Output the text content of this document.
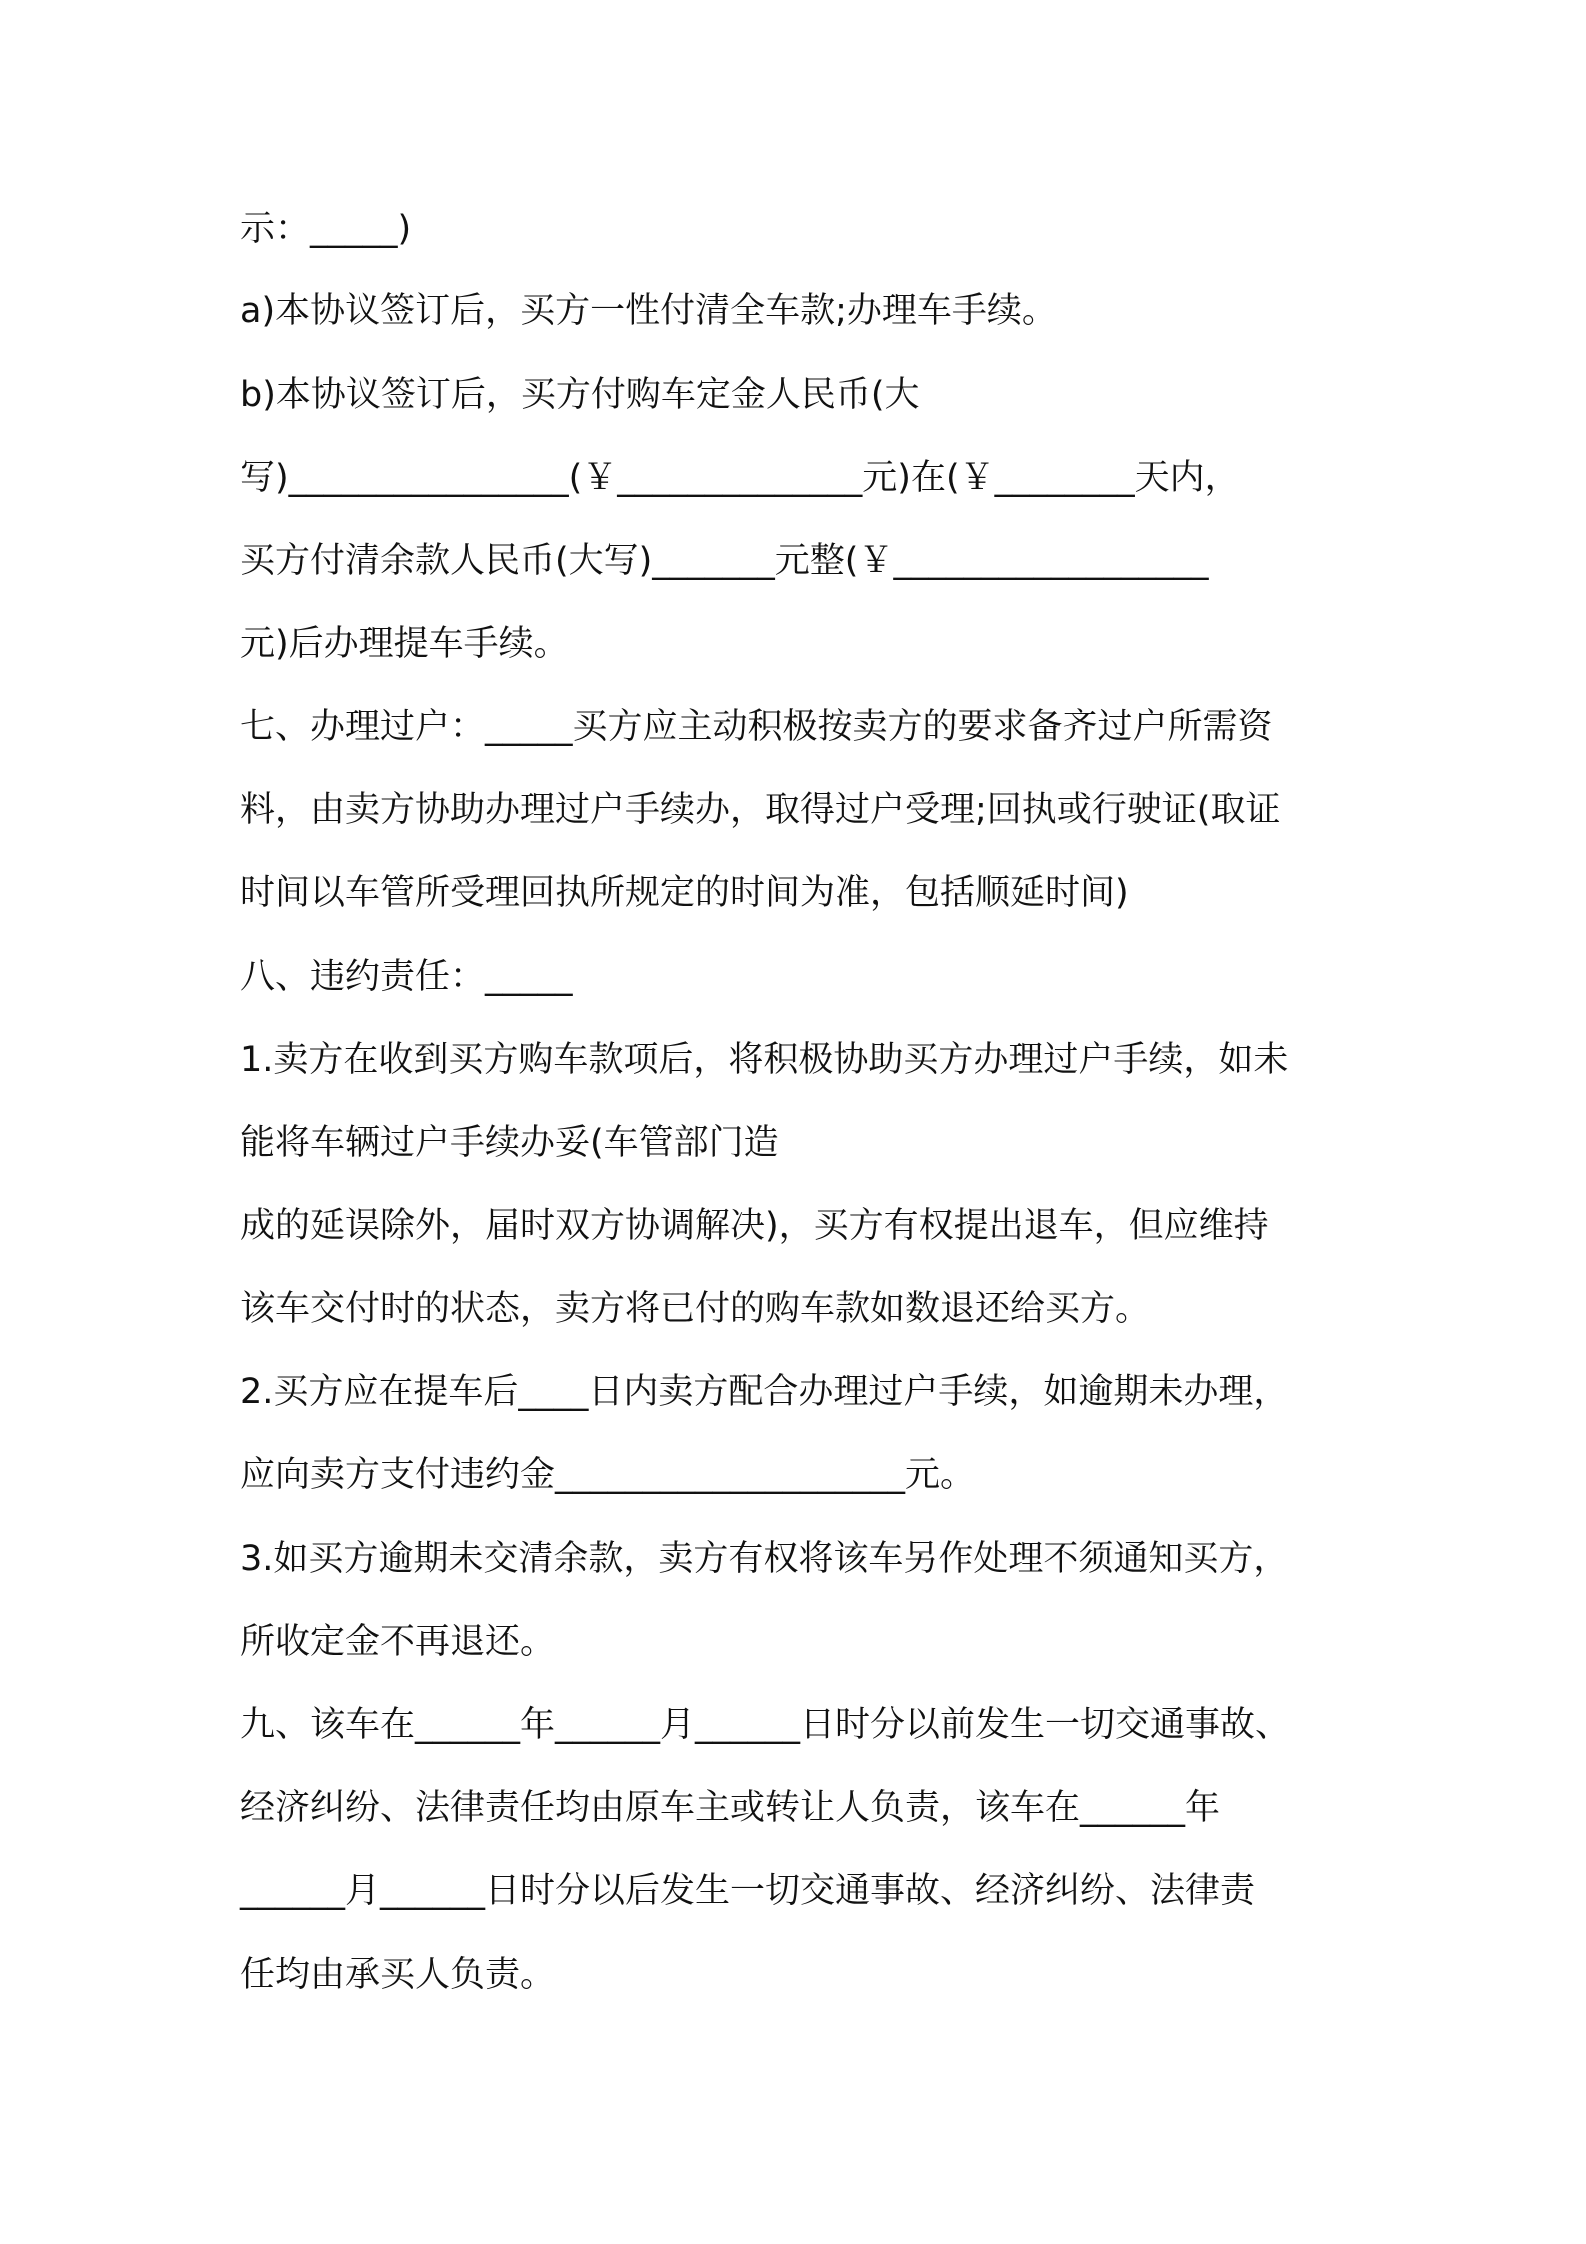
示：_____)
a)本协议签订后，买方一性付清全车款;办理车手续。
b)本协议签订后，买方付购车定金人民币(大
写)________________(￥______________元)在(￥________天内，
买方付清余款人民币(大写)_______元整(￥__________________
元)后办理提车手续。
七、办理过户：_____买方应主动积极按卖方的要求备齐过户所需资
料，由卖方协助办理过户手续办，取得过户受理;回执或行驶证(取证
时间以车管所受理回执所规定的时间为准，包括顺延时间)
八、违约责任：_____
1.卖方在收到买方购车款项后，将积极协助买方办理过户手续，如未
能将车辆过户手续办妥(车管部门造
成的延误除外，届时双方协调解决)，买方有权提出退车，但应维持
该车交付时的状态，卖方将已付的购车款如数退还给买方。
2.买方应在提车后____日内卖方配合办理过户手续，如逾期未办理，
应向卖方支付违约金____________________元。
3.如买方逾期未交清余款，卖方有权将该车另作处理不须通知买方，
所收定金不再退还。
九、该车在______年______月______日时分以前发生一切交通事故、
经济纠纷、法律责任均由原车主或转让人负责，该车在______年
______月______日时分以后发生一切交通事故、经济纠纷、法律责
任均由承买人负责。
